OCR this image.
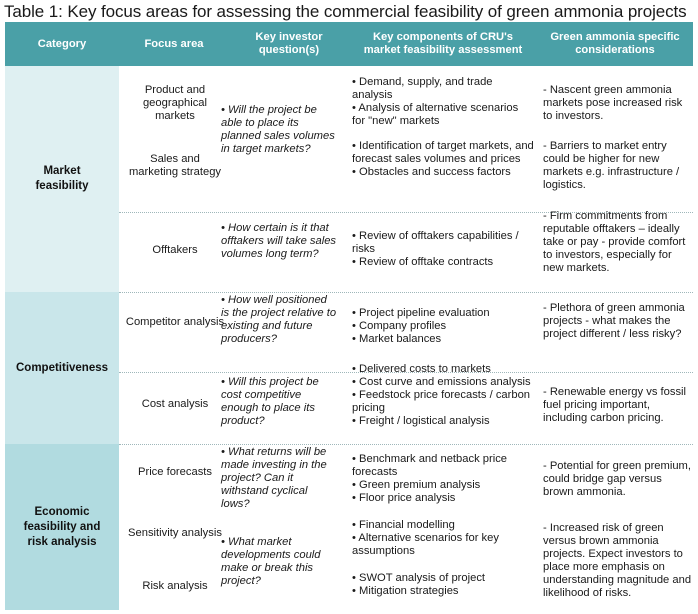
Table 1: Key focus areas for assessing the commercial feasibility of green ammonia projects
Category	Focus area
Key investor question(s)
Key components of CRU's market feasibility assessment
Green ammonia specific considerations
Market feasibility
Competitiveness
Economic feasibility and risk analysis
Product and geographical markets
Sales and marketing strategy
Offtakers
Competitor analysis
Cost analysis
Price forecasts
Sensitivity analysis
Risk analysis
• Will the project be able to place its planned sales volumes in target markets?
• How certain is it that offtakers will take sales volumes long term?
• How well positioned is the project relative to existing and future producers?
• Will this project be cost competitive enough to place its product?
• What returns will be made investing in the project? Can it withstand cyclical lows?
• What market developments could make or break this project?
• Demand, supply, and trade analysis
• Analysis of alternative scenarios for "new" markets
• Identification of target markets, and forecast sales volumes and prices
• Obstacles and success factors
• Review of offtakers capabilities / risks
• Review of offtake contracts
• Project pipeline evaluation
• Company profiles
• Market balances
• Delivered costs to markets
• Cost curve and emissions analysis
• Feedstock price forecasts / carbon pricing
• Freight / logistical analysis
• Benchmark and netback price forecasts
• Green premium analysis
• Floor price analysis
• Financial modelling
• Alternative scenarios for key assumptions
• SWOT analysis of project
• Mitigation strategies
- Nascent green ammonia markets pose increased risk to investors.
- Barriers to market entry could be higher for new markets e.g. infrastructure / logistics.
- Firm commitments from reputable offtakers – ideally take or pay - provide comfort to investors, especially for new markets.
- Plethora of green ammonia projects - what makes the project different / less risky?
- Renewable energy vs fossil fuel pricing important, including carbon pricing.
- Potential for green premium, could bridge gap versus brown ammonia.
- Increased risk of green versus brown ammonia projects. Expect investors to place more emphasis on understanding magnitude and likelihood of risks.
